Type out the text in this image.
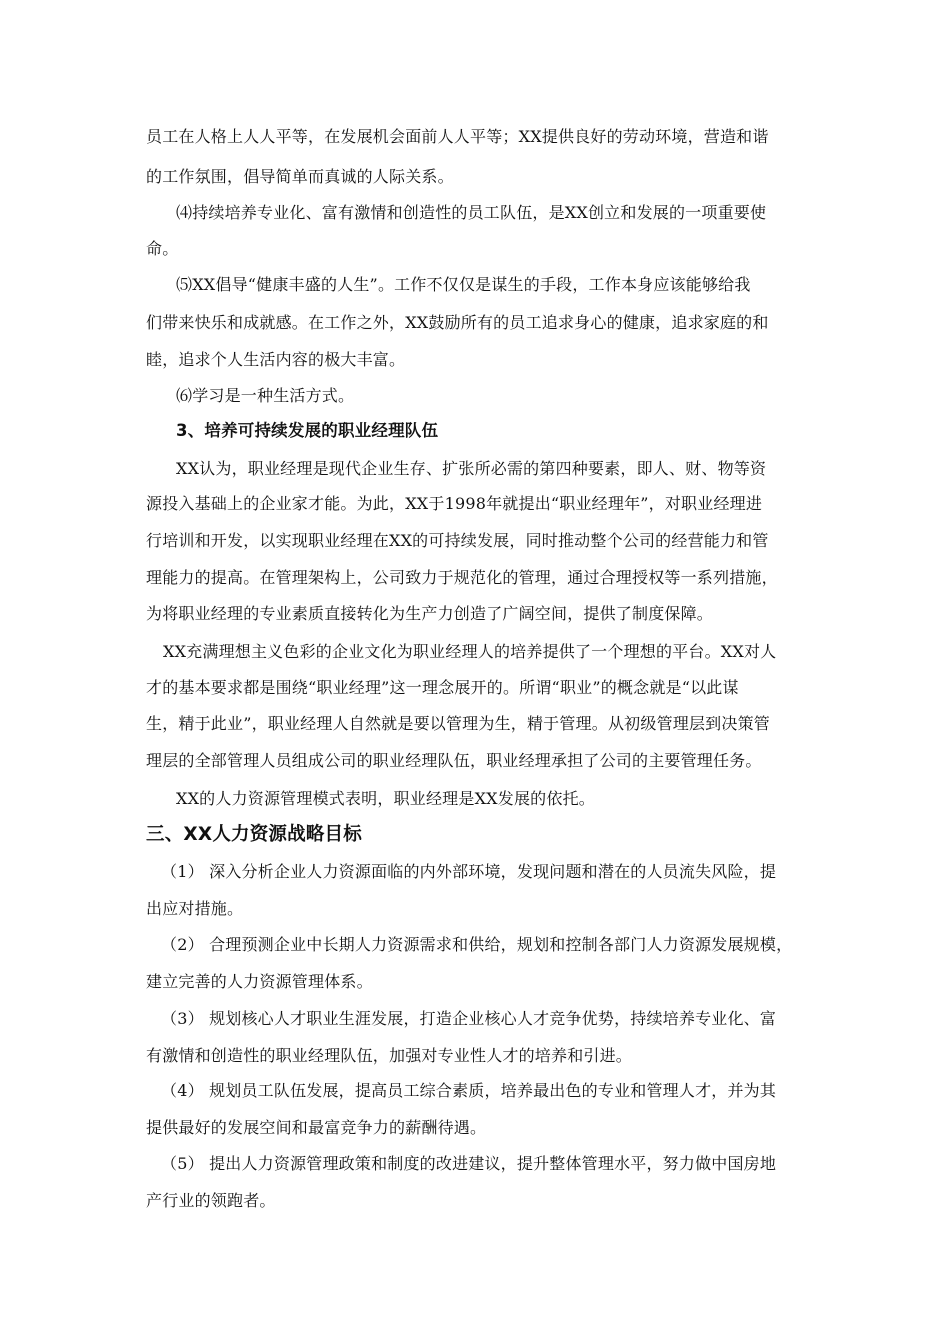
员工在人格上人人平等，在发展机会面前人人平等；XX提供良好的劳动环境，营造和谐
的工作氛围，倡导简单而真诚的人际关系。
⑷持续培养专业化、富有激情和创造性的员工队伍，是XX创立和发展的一项重要使
命。
⑸XX倡导“健康丰盛的人生”。工作不仅仅是谋生的手段，工作本身应该能够给我
们带来快乐和成就感。在工作之外，XX鼓励所有的员工追求身心的健康，追求家庭的和
睦，追求个人生活内容的极大丰富。
⑹学习是一种生活方式。
3、培养可持续发展的职业经理队伍
XX认为，职业经理是现代企业生存、扩张所必需的第四种要素，即人、财、物等资
源投入基础上的企业家才能。为此，XX于1998年就提出“职业经理年”，对职业经理进
行培训和开发，以实现职业经理在XX的可持续发展，同时推动整个公司的经营能力和管
理能力的提高。在管理架构上，公司致力于规范化的管理，通过合理授权等一系列措施，
为将职业经理的专业素质直接转化为生产力创造了广阔空间，提供了制度保障。
XX充满理想主义色彩的企业文化为职业经理人的培养提供了一个理想的平台。XX对人
才的基本要求都是围绕“职业经理”这一理念展开的。所谓“职业”的概念就是“以此谋
生，精于此业”，职业经理人自然就是要以管理为生，精于管理。从初级管理层到决策管
理层的全部管理人员组成公司的职业经理队伍，职业经理承担了公司的主要管理任务。
XX的人力资源管理模式表明，职业经理是XX发展的依托。
三、XX人力资源战略目标
（1） 深入分析企业人力资源面临的内外部环境，发现问题和潜在的人员流失风险，提
出应对措施。
（2） 合理预测企业中长期人力资源需求和供给，规划和控制各部门人力资源发展规模，
建立完善的人力资源管理体系。
（3） 规划核心人才职业生涯发展，打造企业核心人才竞争优势，持续培养专业化、富
有激情和创造性的职业经理队伍，加强对专业性人才的培养和引进。
（4） 规划员工队伍发展，提高员工综合素质，培养最出色的专业和管理人才，并为其
提供最好的发展空间和最富竞争力的薪酬待遇。
（5） 提出人力资源管理政策和制度的改进建议，提升整体管理水平，努力做中国房地
产行业的领跑者。
